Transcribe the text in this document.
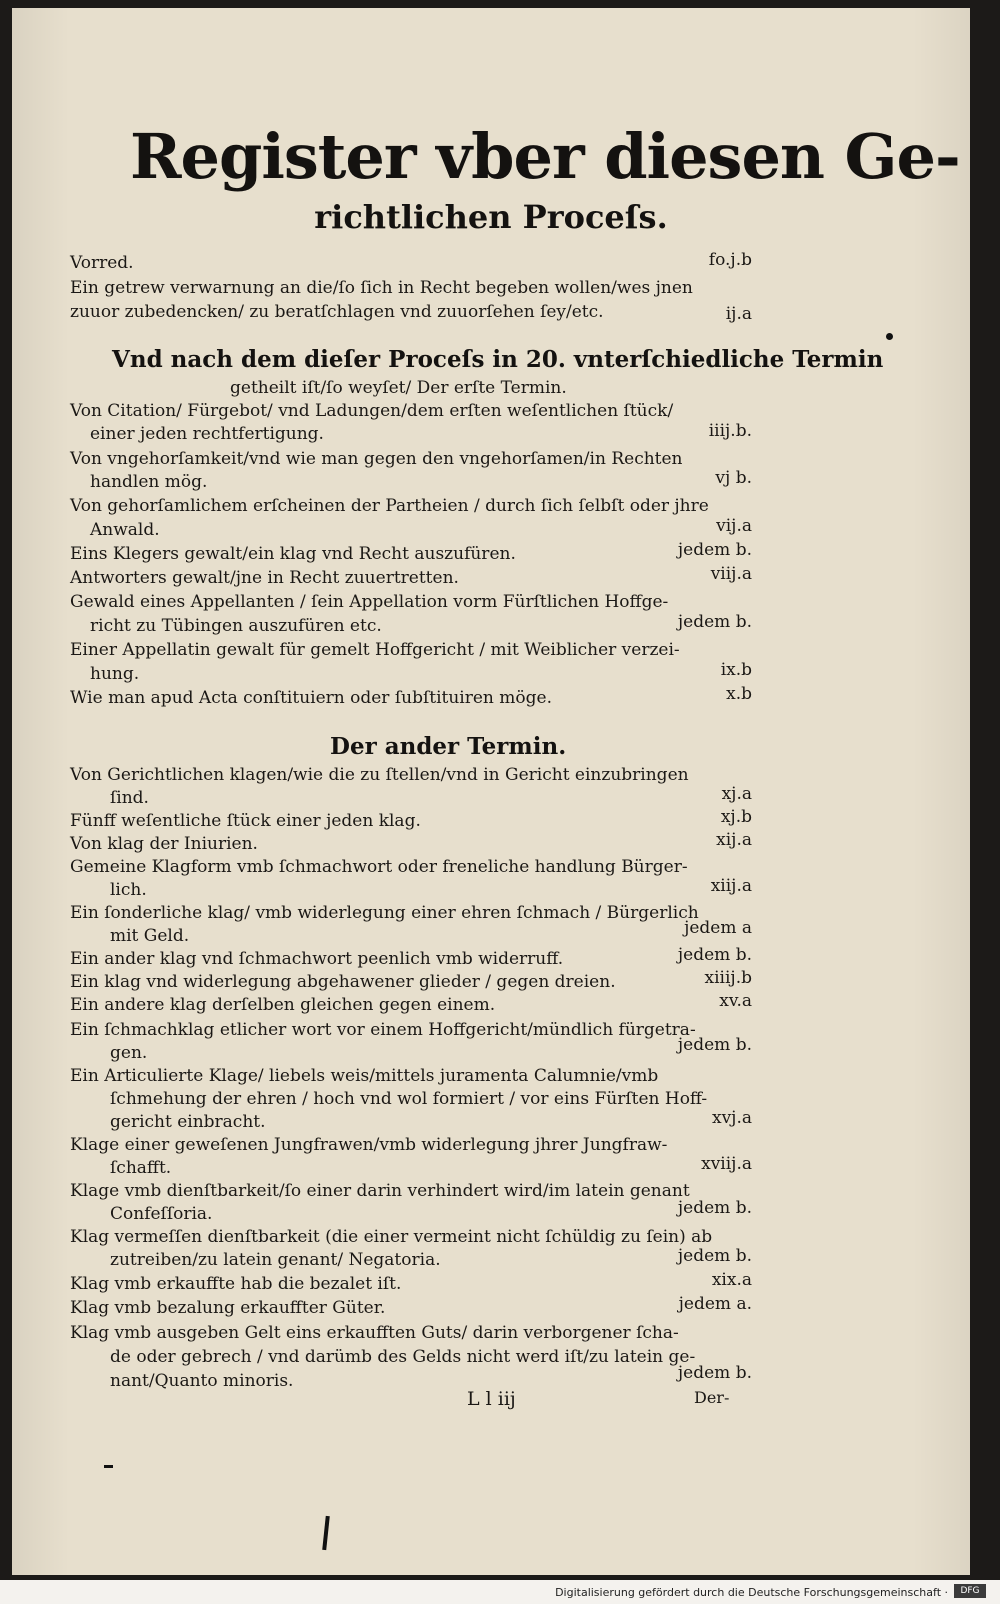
Register vber diesen Ge-
richtlichen Proceſs.
Vorred.	fo.j.b
Ein getrew verwarnung an die/ſo ſich in Recht begeben wollen/wes jnen
zuuor zubedencken/ zu beratſchlagen vnd zuuorſehen ſey/etc.	ij.a
Vnd nach dem dieſer Proceſs in 20. vnterſchiedliche Termin
getheilt iſt/ſo weyſet/ Der erſte Termin.
Von Citation/ Fürgebot/ vnd Ladungen/dem erſten weſentlichen ſtück/
einer jeden rechtfertigung.	iiij.b.
Von vngehorſamkeit/vnd wie man gegen den vngehorſamen/in Rechten
handlen mög.	vj b.
Von gehorſamlichem erſcheinen der Partheien / durch ſich ſelbſt oder jhre
Anwald.	vij.a
Eins Klegers gewalt/ein klag vnd Recht auszufüren.	jedem b.
Antworters gewalt/jne in Recht zuuertretten.	viij.a
Gewald eines Appellanten / ſein Appellation vorm Fürſtlichen Hoffge-
richt zu Tübingen auszufüren etc.	jedem b.
Einer Appellatin gewalt für gemelt Hoffgericht / mit Weiblicher verzei-
hung.	ix.b
Wie man apud Acta conſtituiern oder ſubſtituiren möge.	x.b
Der ander Termin.
Von Gerichtlichen klagen/wie die zu ſtellen/vnd in Gericht einzubringen
ſind.	xj.a
Fünff weſentliche ſtück einer jeden klag.	xj.b
Von klag der Iniurien.	xij.a
Gemeine Klagform vmb ſchmachwort oder freneliche handlung Bürger-
lich.	xiij.a
Ein ſonderliche klag/ vmb widerlegung einer ehren ſchmach / Bürgerlich
mit Geld.	jedem a
Ein ander klag vnd ſchmachwort peenlich vmb widerruff.	jedem b.
Ein klag vnd widerlegung abgehawener glieder / gegen dreien.	xiiij.b
Ein andere klag derſelben gleichen gegen einem.	xv.a
Ein ſchmachklag etlicher wort vor einem Hoffgericht/mündlich fürgetra-
gen.	jedem b.
Ein Articulierte Klage/ liebels weis/mittels juramenta Calumnie/vmb
ſchmehung der ehren / hoch vnd wol formiert / vor eins Fürſten Hoff-
gericht einbracht.	xvj.a
Klage einer geweſenen Jungfrawen/vmb widerlegung jhrer Jungfraw-
ſchafft.	xviij.a
Klage vmb dienſtbarkeit/ſo einer darin verhindert wird/im latein genant
Confeſſoria.	jedem b.
Klag vermeſſen dienſtbarkeit (die einer vermeint nicht ſchüldig zu ſein) ab
zutreiben/zu latein genant/ Negatoria.	jedem b.
Klag vmb erkauffte hab die bezalet iſt.	xix.a
Klag vmb bezalung erkauffter Güter.	jedem a.
Klag vmb ausgeben Gelt eins erkaufften Guts/ darin verborgener ſcha-
de oder gebrech / vnd darümb des Gelds nicht werd iſt/zu latein ge-
nant/Quanto minoris.	jedem b.
L l iij	Der-
Digitalisierung gefördert durch die Deutsche Forschungsgemeinschaft ·	DFG
